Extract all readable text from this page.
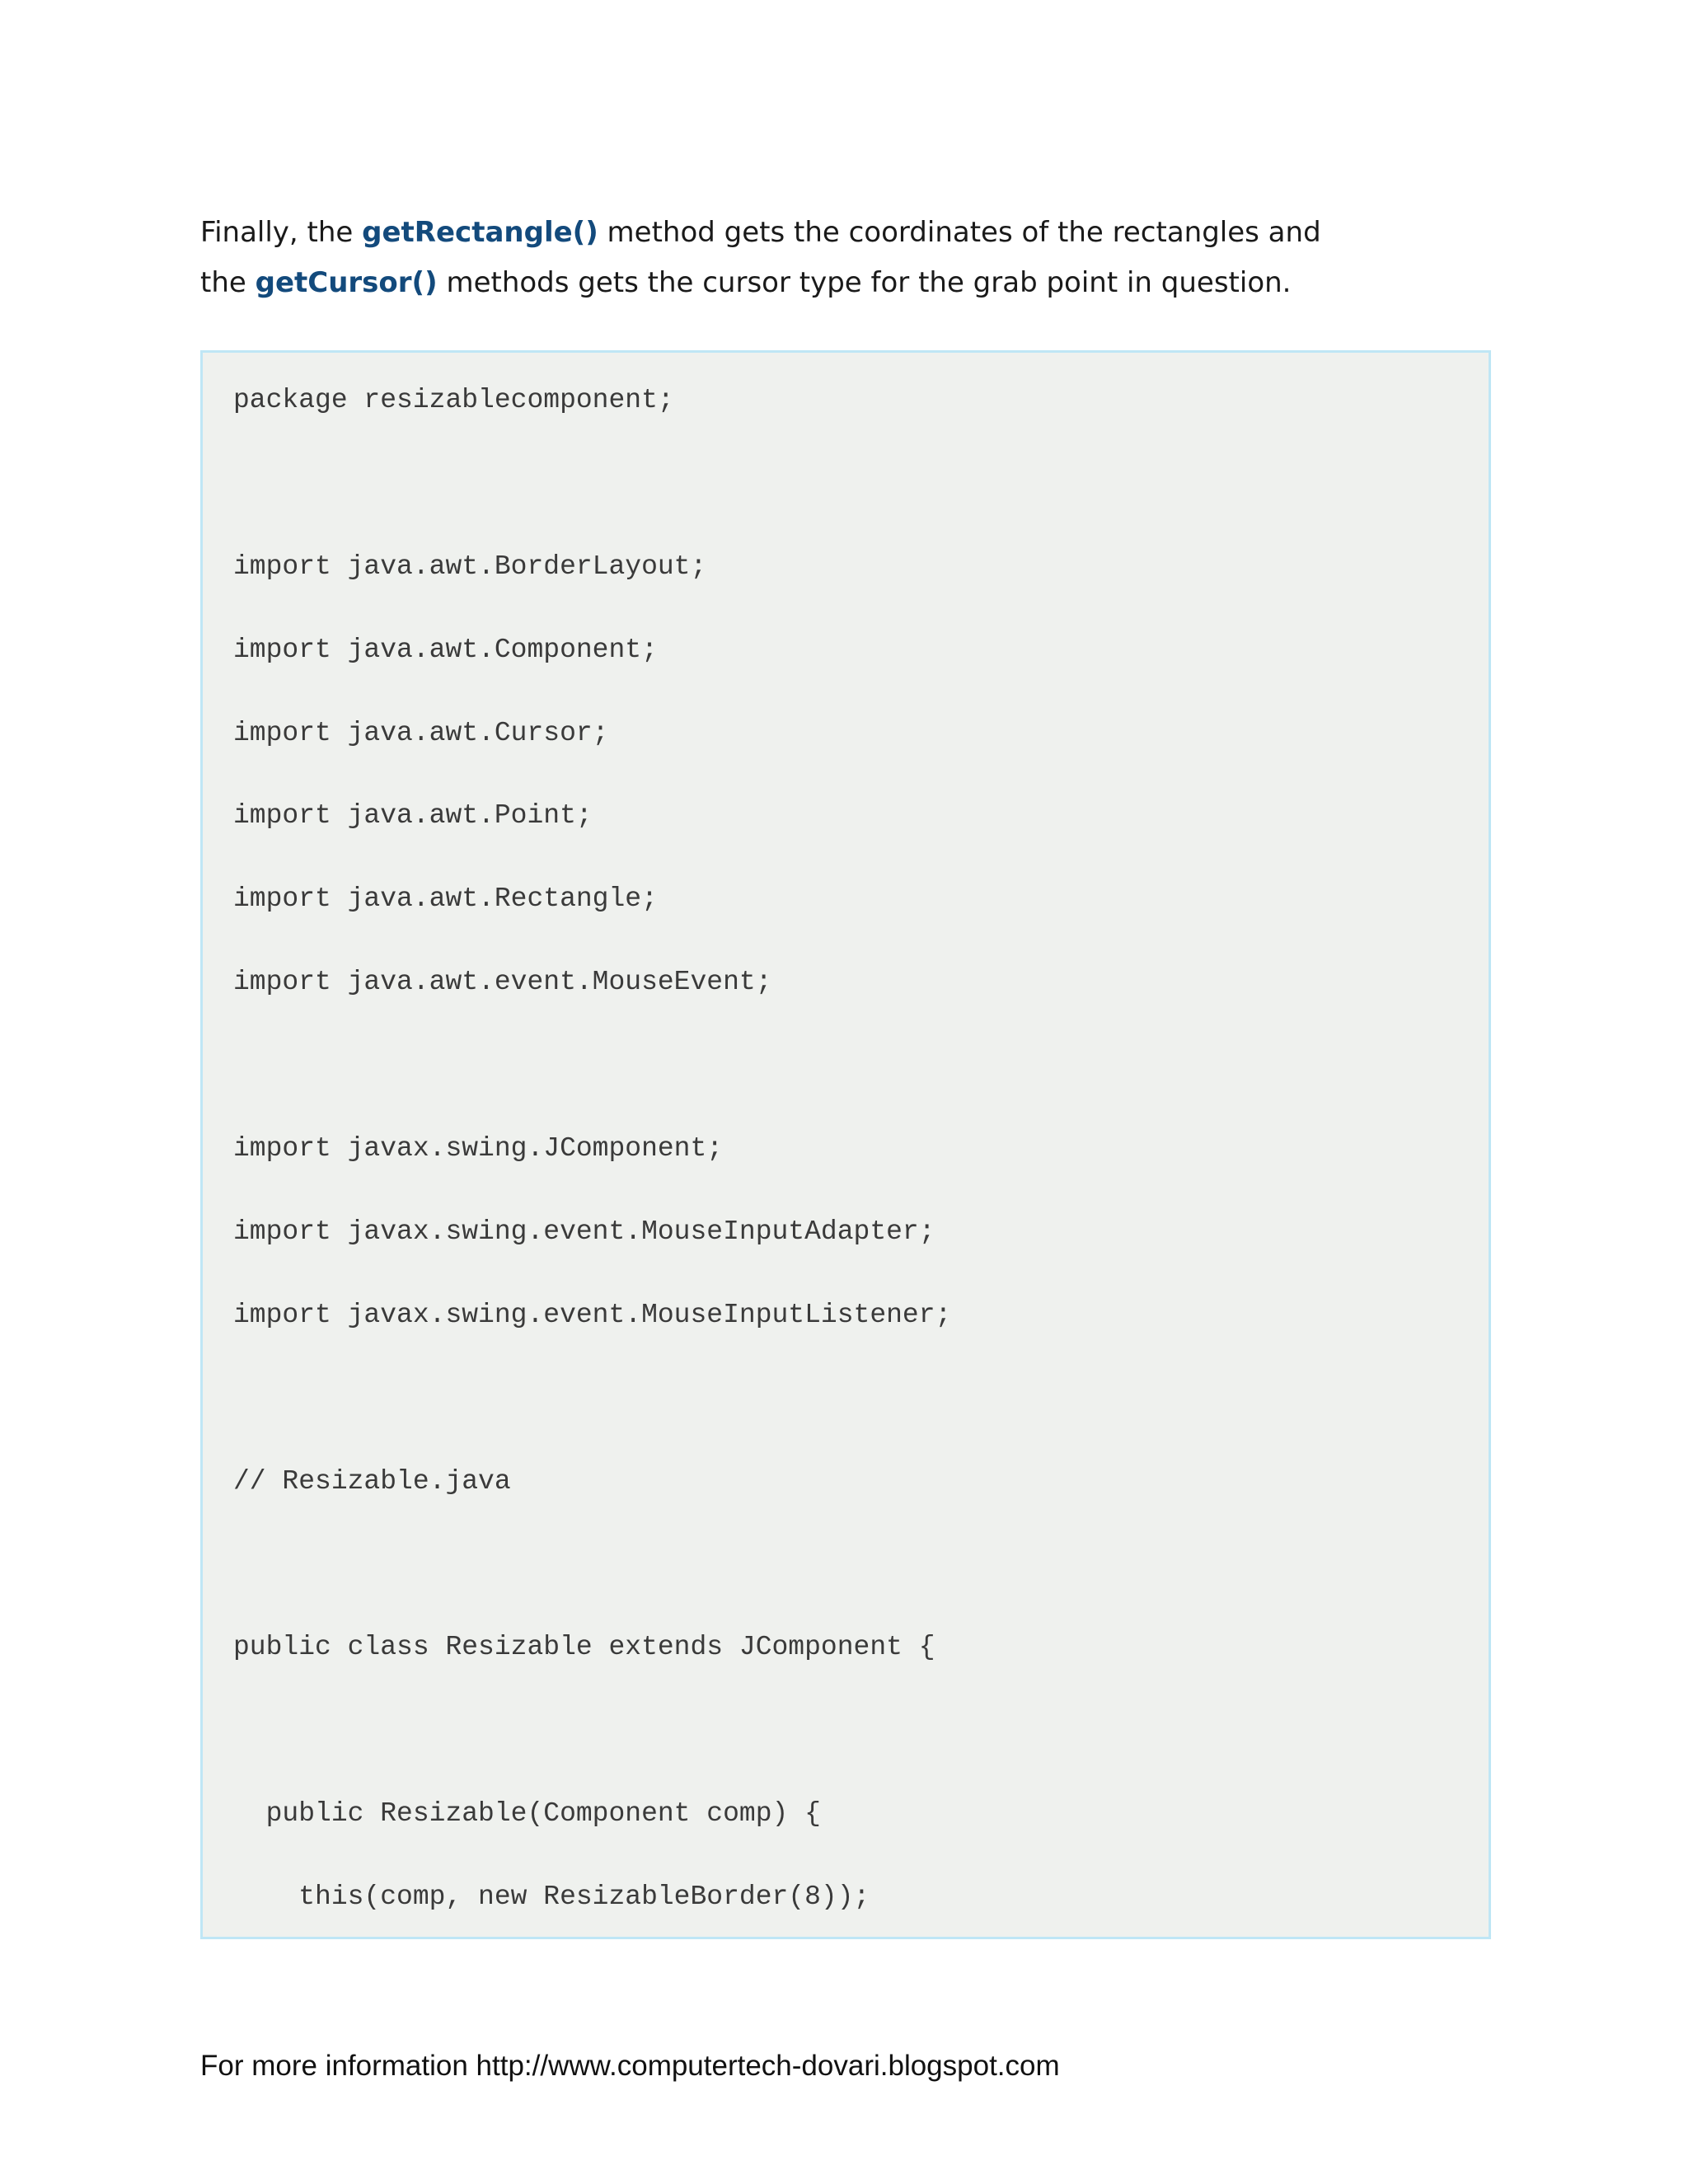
Finally, the getRectangle() method gets the coordinates of the rectangles and

the getCursor() methods gets the cursor type for the grab point in question.

package resizablecomponent;
import java.awt.BorderLayout;
import java.awt.Component;
import java.awt.Cursor;
import java.awt.Point;
import java.awt.Rectangle;
import java.awt.event.MouseEvent;
import javax.swing.JComponent;
import javax.swing.event.MouseInputAdapter;
import javax.swing.event.MouseInputListener;
// Resizable.java
public class Resizable extends JComponent {
public Resizable(Component comp) {
this(comp, new ResizableBorder(8));
For more information http://www.computertech-dovari.blogspot.com
